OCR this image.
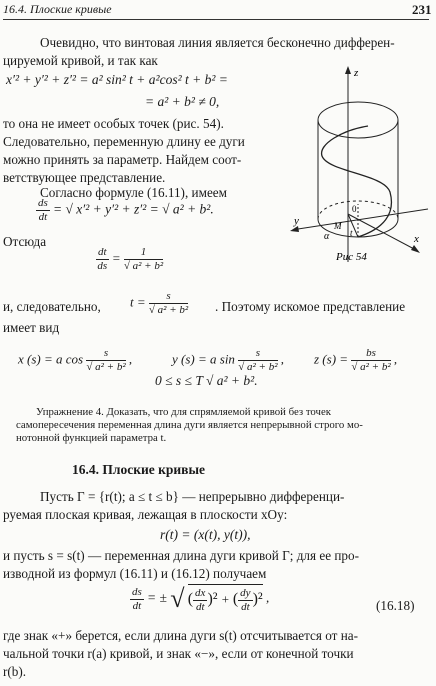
16.4. Плоские кривые	231
Очевидно, что винтовая линия является бесконечно дифферен-
цируемой кривой, и так как
x′² + y′² + z′² = a² sin² t + a²cos² t + b² =
= a² + b² ≠ 0,
то она не имеет особых точек (рис. 54).
Следовательно, переменную длину ее дуги
можно принять за параметр. Найдем соот-
ветствующее представление.
Согласно формуле (16.11), имеем
$\frac{ds}{dt}$ = √ x′² + y′² + z′² = √ a² + b².
Отсюда
$\frac{dt}{ds} = \frac{1}{\text{√ a² + b²}}$
z
0
M
α
y
x
t
Рис 54
и, следовательно, $t = \frac{s}{\text{√ a² + b²}}$ . Поэтому искомое представление
имеет вид
x (s) = a $\cos \frac{s}{\text{√ a² + b²}}$ ,	y (s) = a $\sin \frac{s}{\text{√ a² + b²}}$ , z $(s) = \frac{bs}{\text{√ a² + b²}}$ ,
0 ≤ s ≤ T √ a² + b².
Упражнение 4. Доказать, что для спрямляемой кривой без точек
самопересечения переменная длина дуги является непрерывной строго мо-
нотонной функцией параметра t.
16.4. Плоские кривые
Пусть Γ = {r(t); a ≤ t ≤ b} — непрерывно дифференци-
руемая плоская кривая, лежащая в плоскости xOy:
r(t) = (x(t), y(t)),
и пусть s = s(t) — переменная длина дуги кривой Γ; для ее про-
изводной из формул (16.11) и (16.12) получаем
$\frac{ds}{dt}$ = ± √ ( $\frac{dx}{dt} )^2$ + ( $\frac{dy}{dt} )^2$ ,
(16.18)
где знак «+» берется, если длина дуги s(t) отсчитывается от на-
чальной точки r(a) кривой, и знак «−», если от конечной точки
r(b).
